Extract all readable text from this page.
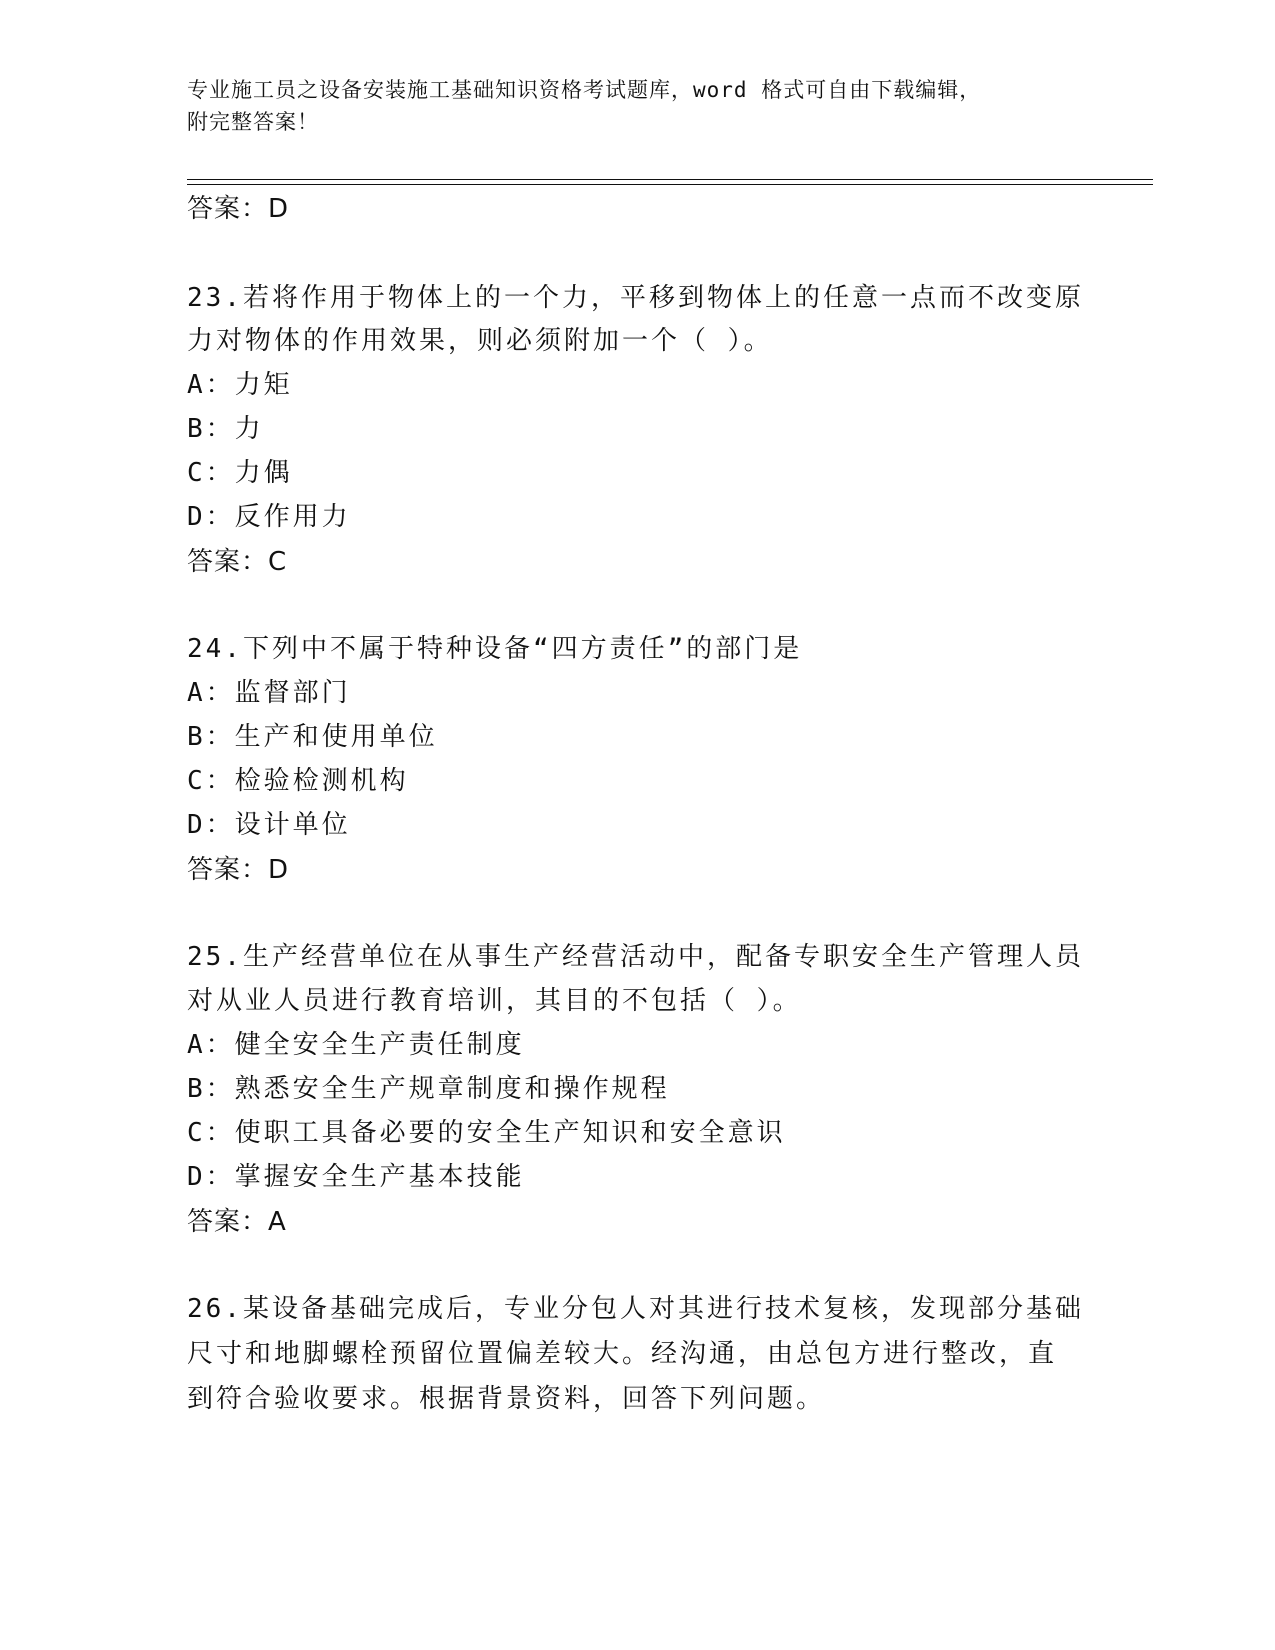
专业施工员之设备安装施工基础知识资格考试题库，word 格式可自由下载编辑，
附完整答案！
答案：D
23.若将作用于物体上的一个力，平移到物体上的任意一点而不改变原
力对物体的作用效果，则必须附加一个（ ）。
A：力矩
B：力
C：力偶
D：反作用力
答案：C
24.下列中不属于特种设备“四方责任”的部门是
A：监督部门
B：生产和使用单位
C：检验检测机构
D：设计单位
答案：D
25.生产经营单位在从事生产经营活动中，配备专职安全生产管理人员
对从业人员进行教育培训，其目的不包括（ ）。
A：健全安全生产责任制度
B：熟悉安全生产规章制度和操作规程
C：使职工具备必要的安全生产知识和安全意识
D：掌握安全生产基本技能
答案：A
26.某设备基础完成后，专业分包人对其进行技术复核，发现部分基础
尺寸和地脚螺栓预留位置偏差较大。经沟通，由总包方进行整改，直
到符合验收要求。根据背景资料，回答下列问题。
